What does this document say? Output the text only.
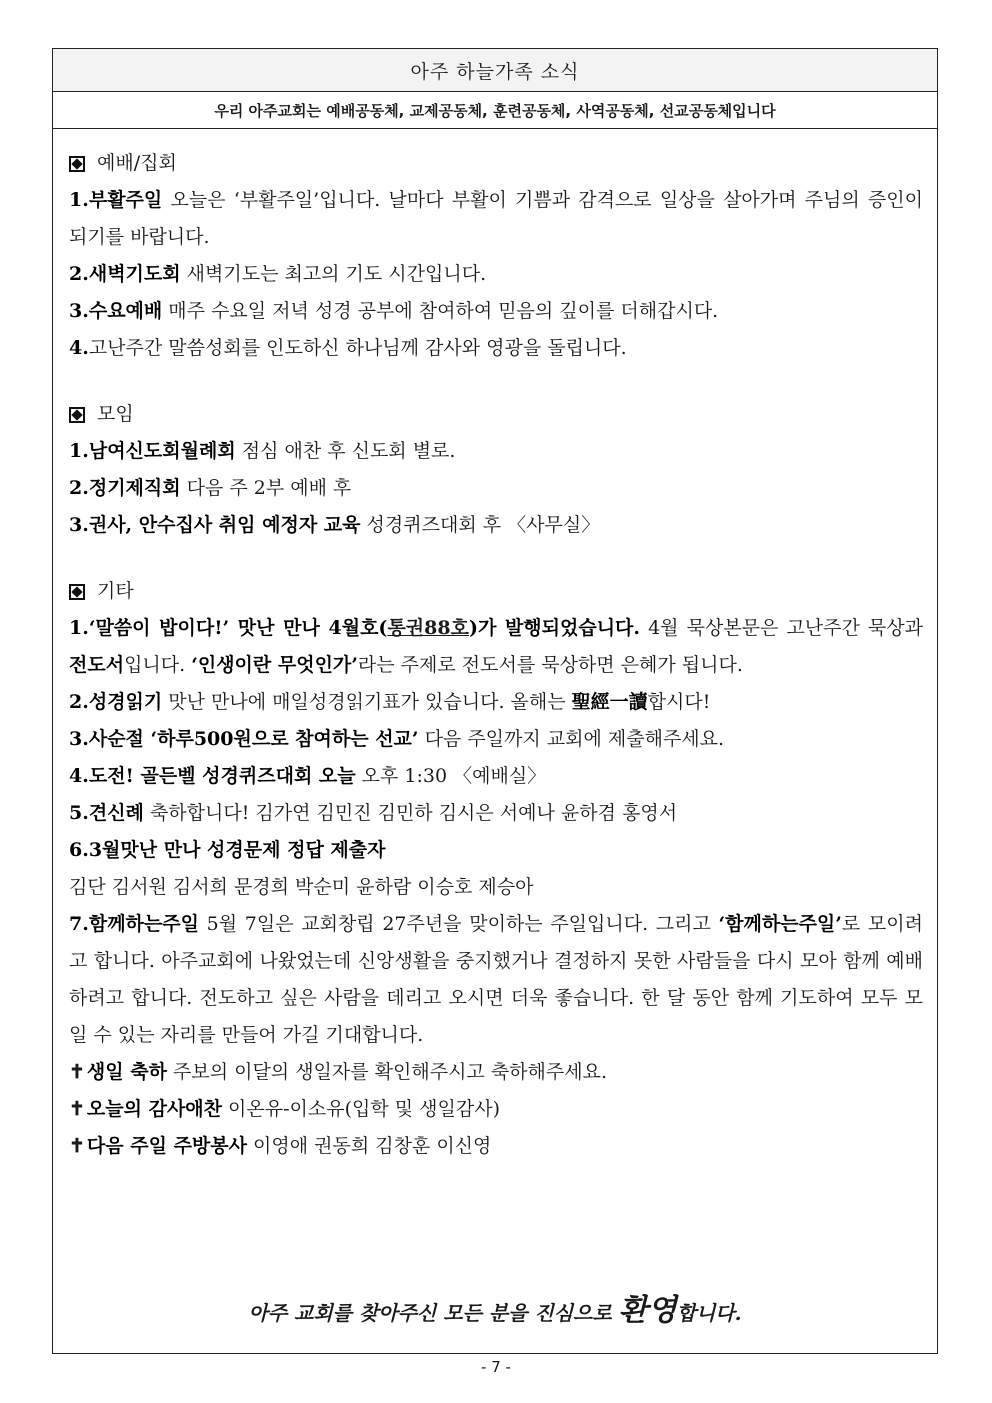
아주 하늘가족 소식
우리 아주교회는 예배공동체, 교제공동체, 훈련공동체, 사역공동체, 선교공동체입니다
예배/집회
1.부활주일 오늘은 ‘부활주일’입니다. 날마다 부활이 기쁨과 감격으로 일상을 살아가며 주님의 증인이 되기를 바랍니다.
2.새벽기도회 새벽기도는 최고의 기도 시간입니다.
3.수요예배 매주 수요일 저녁 성경 공부에 참여하여 믿음의 깊이를 더해갑시다.
4.고난주간 말씀성회를 인도하신 하나님께 감사와 영광을 돌립니다.
모임
1.남여신도회월례회 점심 애찬 후 신도회 별로.
2.정기제직회 다음 주 2부 예배 후
3.권사, 안수집사 취임 예정자 교육 성경퀴즈대회 후 〈사무실〉
기타
1.‘말씀이 밥이다!’ 맛난 만나 4월호(통권88호)가 발행되었습니다. 4월 묵상본문은 고난주간 묵상과 전도서입니다. ‘인생이란 무엇인가’라는 주제로 전도서를 묵상하면 은혜가 됩니다.
2.성경읽기 맛난 만나에 매일성경읽기표가 있습니다. 올해는 聖經一讀합시다!
3.사순절 ‘하루500원으로 참여하는 선교’ 다음 주일까지 교회에 제출해주세요.
4.도전! 골든벨 성경퀴즈대회 오늘 오후 1:30 〈예배실〉
5.견신례 축하합니다! 김가연 김민진 김민하 김시은 서예나 윤하겸 홍영서
6.3월맛난 만나 성경문제 정답 제출자
김단 김서원 김서희 문경희 박순미 윤하람 이승호 제승아
7.함께하는주일 5월 7일은 교회창립 27주년을 맞이하는 주일입니다. 그리고 ‘함께하는주일’로 모이려고 합니다. 아주교회에 나왔었는데 신앙생활을 중지했거나 결정하지 못한 사람들을 다시 모아 함께 예배하려고 합니다. 전도하고 싶은 사람을 데리고 오시면 더욱 좋습니다. 한 달 동안 함께 기도하여 모두 모일 수 있는 자리를 만들어 가길 기대합니다.
✝ 생일 축하 주보의 이달의 생일자를 확인해주시고 축하해주세요.
✝ 오늘의 감사애찬 이온유-이소유(입학 및 생일감사)
✝ 다음 주일 주방봉사 이영애 권동희 김창훈 이신영
아주 교회를 찾아주신 모든 분을 진심으로 환영합니다.
- 7 -
